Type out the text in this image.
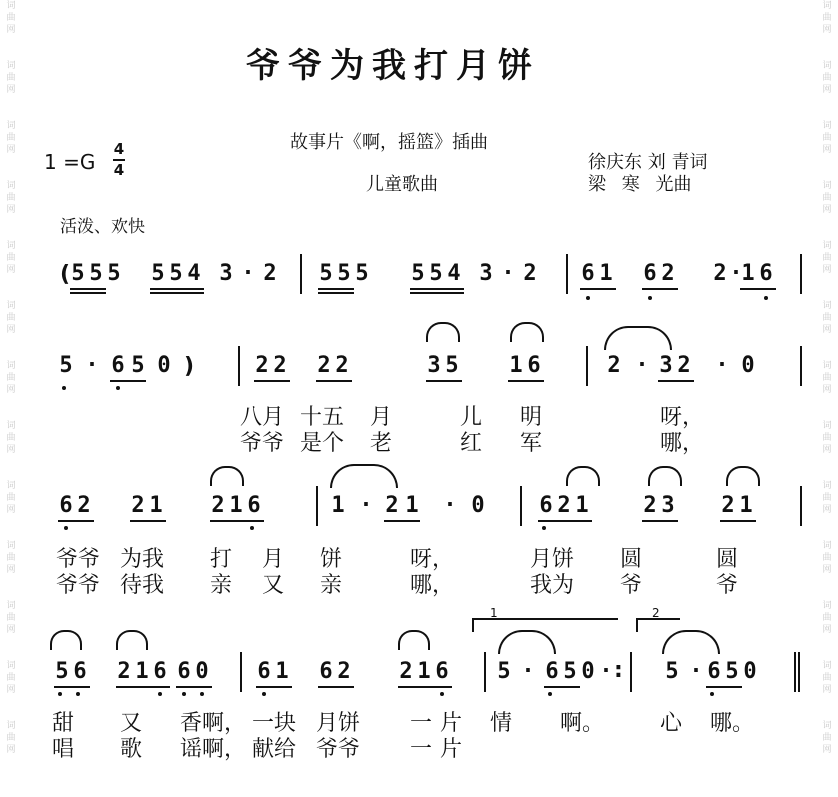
词
曲
网

词
曲
网

词
曲
网

词
曲
网

词
曲
网

词
曲
网

词
曲
网

词
曲
网

词
曲
网

词
曲
网

词
曲
网

词
曲
网

词
曲
网

词
曲
网

词
曲
网

词
曲
网

词
曲
网

词
曲
网

词
曲
网

词
曲
网

词
曲
网

词
曲
网

词
曲
网

词
曲
网

词
曲
网

词
曲
网

爷爷为我打月饼
故事片《啊，摇篮》插曲
儿童歌曲
徐庆东 刘 青词
梁 寒 光曲
1 =G
4
4
活泼、欢快
( 5 5 5 5 5 4 3 · 2 5 5 5 5 5 4 3 · 2 6 1 6 2 2 ·
1 6
5 · 6 5 0 )	2 2 2 2	3 5 1 6	2 · 3 2 · 0
6 2 2 1 2 1 6	1 · 2 1 · 0 6 2 1 2 3 2 1
5 6 2 1 6 6 0 6 1 6 2 2 1 6 5 · 6 5 0 · 5 · 6 5 0
1	2
:
八月 十五 月	儿 明	呀，
爷爷 是个 老	红 军	哪，
爷爷 为我 打 月 饼	呀，	月饼 圆	圆
爷爷 待我 亲 又 亲	哪，	我为 爷	爷
甜 又 香啊， 一块 月饼 一 片 情 啊。	心 哪。
唱 歌 谣啊， 献给 爷爷 一 片
